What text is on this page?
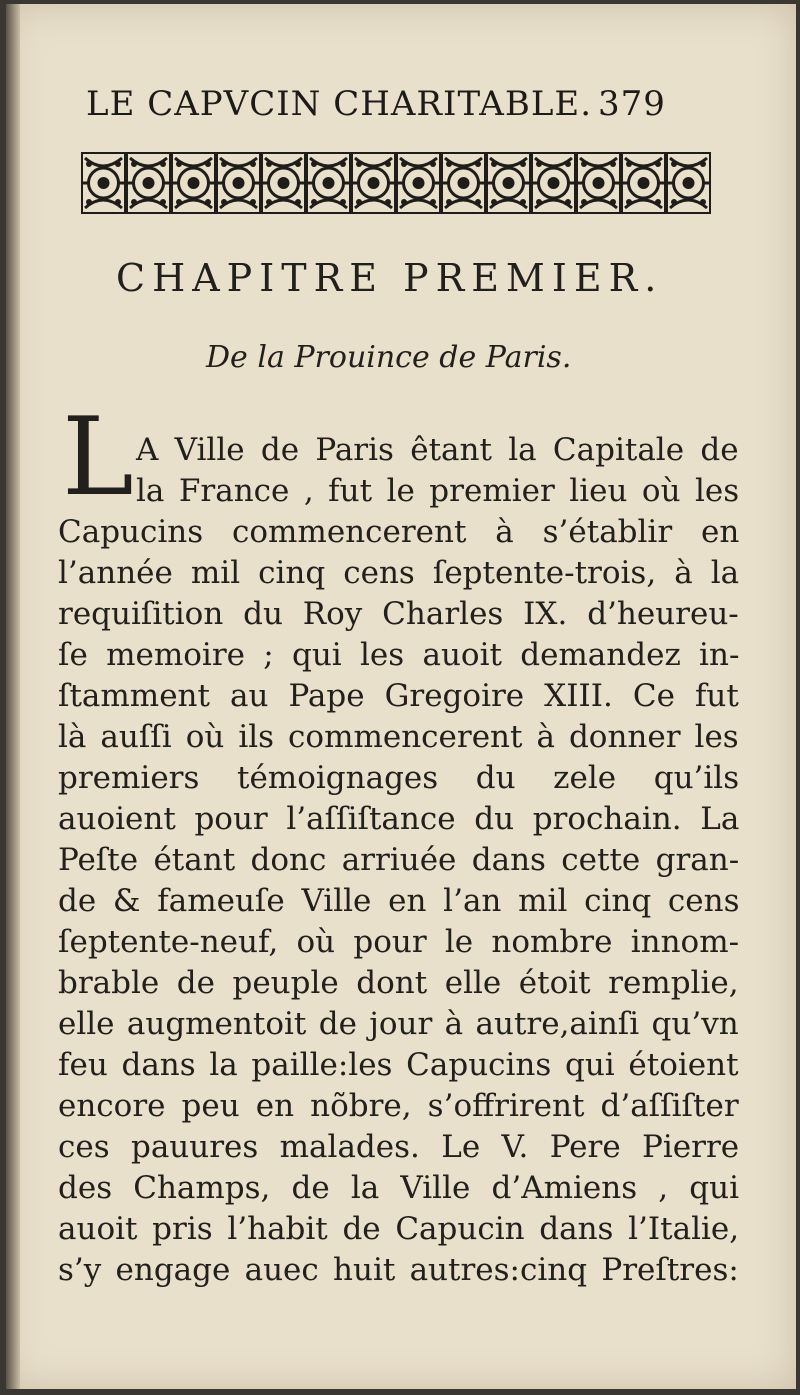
LE CAPVCIN CHARITABLE. 379
CHAPITRE PREMIER.
De la Prouince de Paris.
L A Ville de Paris êtant la Capitale de
la France , fut le premier lieu où les
Capucins commencerent à s’établir en
l’année mil cinq cens ſeptente-trois, à la
requiſition du Roy Charles IX. d’heureu-
ſe memoire ; qui les auoit demandez in-
ſtamment au Pape Gregoire XIII. Ce fut
là auſſi où ils commencerent à donner les
premiers témoignages du zele qu’ils
auoient pour l’aſſiſtance du prochain. La
Peſte étant donc arriuée dans cette gran-
de & fameuſe Ville en l’an mil cinq cens
ſeptente-neuf, où pour le nombre innom-
brable de peuple dont elle étoit remplie,
elle augmentoit de jour à autre,ainſi qu’vn
feu dans la paille:les Capucins qui étoient
encore peu en nõbre, s’offrirent d’aſſiſter
ces pauures malades. Le V. Pere Pierre
des Champs, de la Ville d’Amiens , qui
auoit pris l’habit de Capucin dans l’Italie,
s’y engage auec huit autres:cinq Preſtres:
